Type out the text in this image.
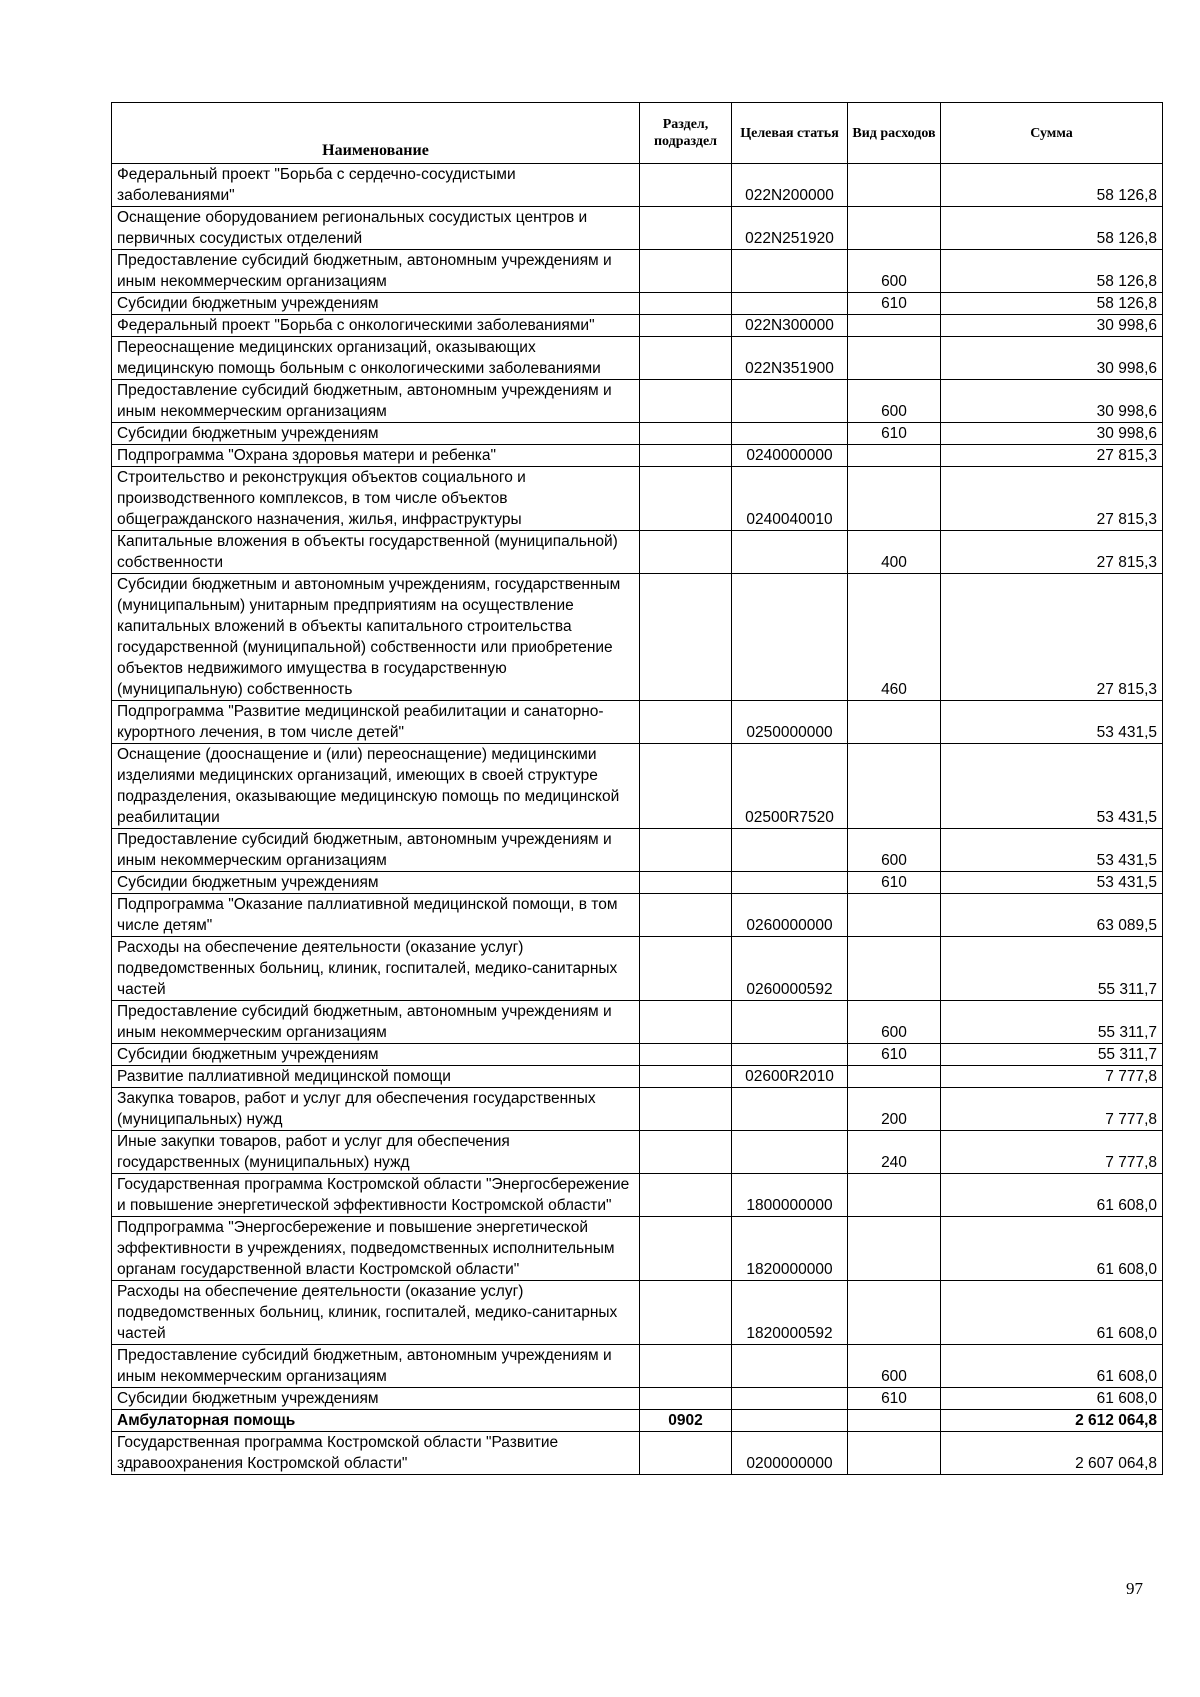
Наименование	Раздел, подраздел	Целевая статья	Вид расходов	Сумма
Федеральный проект "Борьба с сердечно-сосудистыми заболеваниями"		022N200000		58 126,8
Оснащение оборудованием региональных сосудистых центров и первичных сосудистых отделений		022N251920		58 126,8
Предоставление субсидий бюджетным, автономным учреждениям и иным некоммерческим организациям			600	58 126,8
Субсидии бюджетным учреждениям			610	58 126,8
Федеральный проект "Борьба с онкологическими заболеваниями"		022N300000		30 998,6
Переоснащение медицинских организаций, оказывающих медицинскую помощь больным с онкологическими заболеваниями		022N351900		30 998,6
Предоставление субсидий бюджетным, автономным учреждениям и иным некоммерческим организациям			600	30 998,6
Субсидии бюджетным учреждениям			610	30 998,6
Подпрограмма "Охрана здоровья матери и ребенка"		0240000000		27 815,3
Строительство и реконструкция объектов социального и производственного комплексов, в том числе объектов общегражданского назначения, жилья, инфраструктуры		0240040010		27 815,3
Капитальные вложения в объекты государственной (муниципальной) собственности			400	27 815,3
Субсидии бюджетным и автономным учреждениям, государственным (муниципальным) унитарным предприятиям на осуществление капитальных вложений в объекты капитального строительства государственной (муниципальной) собственности или приобретение объектов недвижимого имущества в государственную (муниципальную) собственность			460	27 815,3
Подпрограмма "Развитие медицинской реабилитации и санаторно-курортного лечения, в том числе детей"		0250000000		53 431,5
Оснащение (дооснащение и (или) переоснащение) медицинскими изделиями медицинских организаций, имеющих в своей структуре подразделения, оказывающие медицинскую помощь по медицинской реабилитации		02500R7520		53 431,5
Предоставление субсидий бюджетным, автономным учреждениям и иным некоммерческим организациям			600	53 431,5
Субсидии бюджетным учреждениям			610	53 431,5
Подпрограмма "Оказание паллиативной медицинской помощи, в том числе детям"		0260000000		63 089,5
Расходы на обеспечение деятельности (оказание услуг) подведомственных больниц, клиник, госпиталей, медико-санитарных частей		0260000592		55 311,7
Предоставление субсидий бюджетным, автономным учреждениям и иным некоммерческим организациям			600	55 311,7
Субсидии бюджетным учреждениям			610	55 311,7
Развитие паллиативной медицинской помощи		02600R2010		7 777,8
Закупка товаров, работ и услуг для обеспечения государственных (муниципальных) нужд			200	7 777,8
Иные закупки товаров, работ и услуг для обеспечения государственных (муниципальных) нужд			240	7 777,8
Государственная программа Костромской области "Энергосбережение и повышение энергетической эффективности Костромской области"		1800000000		61 608,0
Подпрограмма "Энергосбережение и повышение энергетической эффективности в учреждениях, подведомственных исполнительным органам государственной власти Костромской области"		1820000000		61 608,0
Расходы на обеспечение деятельности (оказание услуг) подведомственных больниц, клиник, госпиталей, медико-санитарных частей		1820000592		61 608,0
Предоставление субсидий бюджетным, автономным учреждениям и иным некоммерческим организациям			600	61 608,0
Субсидии бюджетным учреждениям			610	61 608,0
Амбулаторная помощь	0902			2 612 064,8
Государственная программа Костромской области "Развитие здравоохранения Костромской области"		0200000000		2 607 064,8
97
